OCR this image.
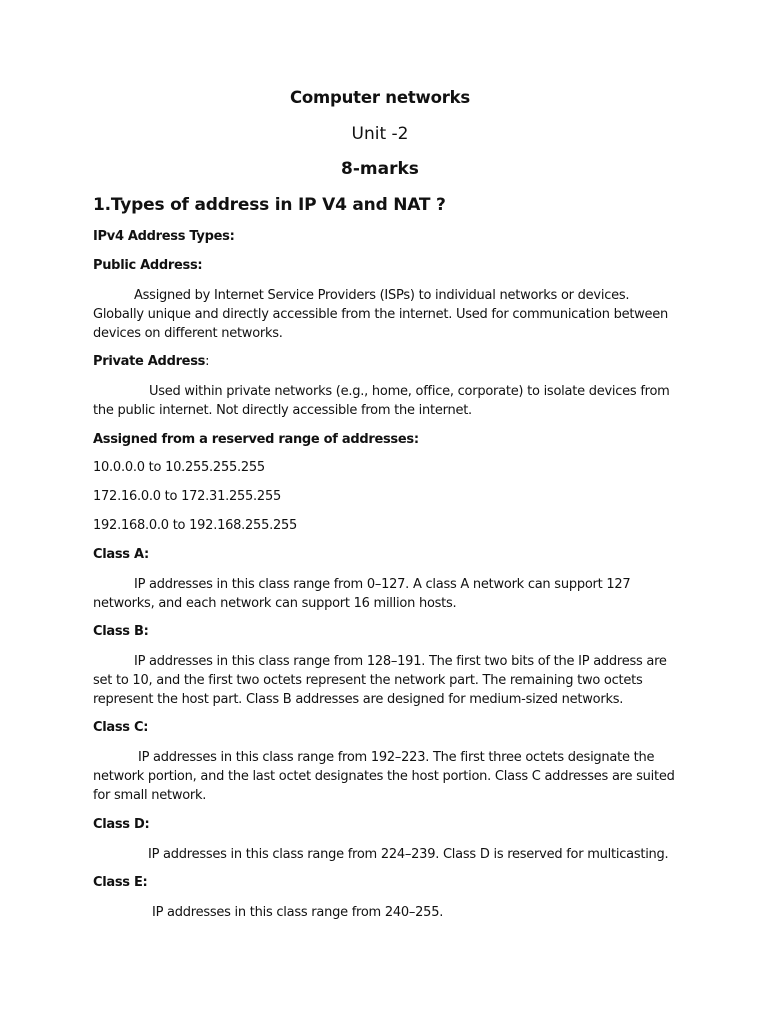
Computer networks
Unit -2
8-marks
1.Types of address in IP V4 and NAT ?
IPv4 Address Types:
Public Address:
Assigned by Internet Service Providers (ISPs) to individual networks or devices.
Globally unique and directly accessible from the internet. Used for communication between
devices on different networks.
Private Address:
Used within private networks (e.g., home, office, corporate) to isolate devices from
the public internet. Not directly accessible from the internet.
Assigned from a reserved range of addresses:
10.0.0.0 to 10.255.255.255
172.16.0.0 to 172.31.255.255
192.168.0.0 to 192.168.255.255
Class A:
IP addresses in this class range from 0–127. A class A network can support 127
networks, and each network can support 16 million hosts.
Class B:
IP addresses in this class range from 128–191. The first two bits of the IP address are
set to 10, and the first two octets represent the network part. The remaining two octets
represent the host part. Class B addresses are designed for medium-sized networks.
Class C:
IP addresses in this class range from 192–223. The first three octets designate the
network portion, and the last octet designates the host portion. Class C addresses are suited
for small network.
Class D:
IP addresses in this class range from 224–239. Class D is reserved for multicasting.
Class E:
IP addresses in this class range from 240–255.
